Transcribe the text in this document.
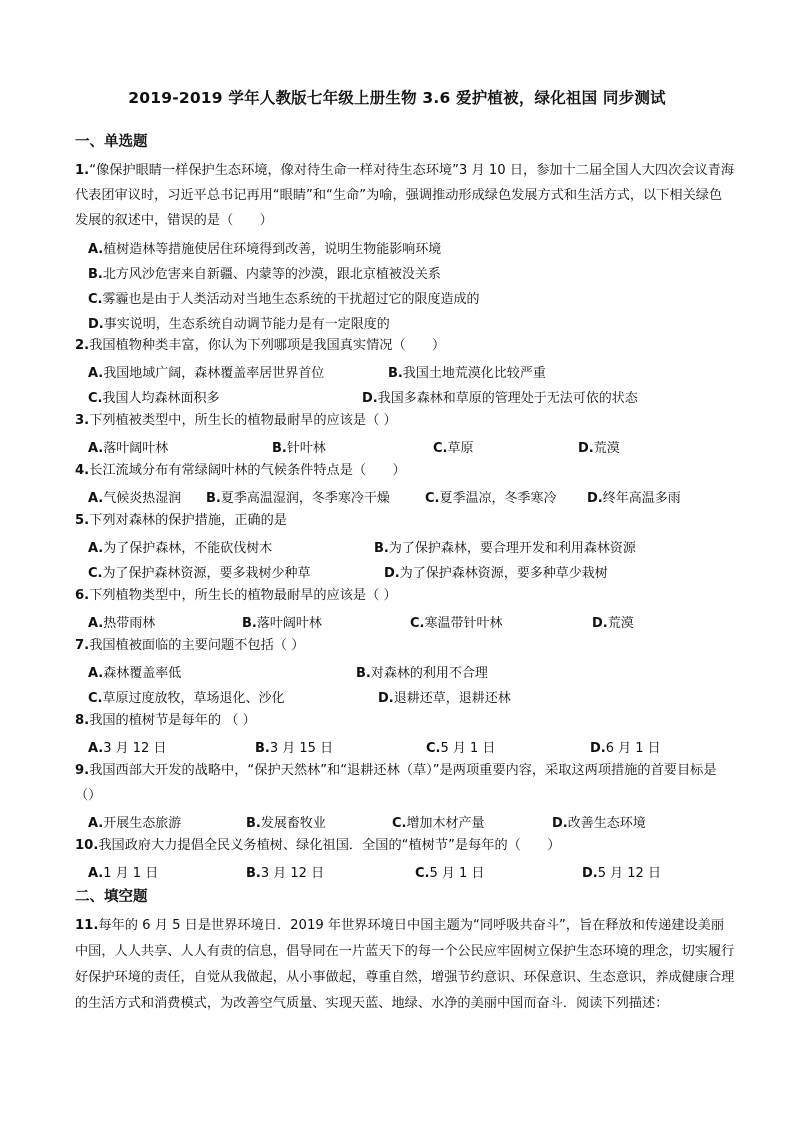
2019-2019 学年人教版七年级上册生物 3.6 爱护植被，绿化祖国 同步测试
一、单选题
1.“像保护眼睛一样保护生态环境，像对待生命一样对待生态环境”3 月 10 日，参加十二届全国人大四次会议青海代表团审议时，习近平总书记再用“眼睛”和“生命”为喻，强调推动形成绿色发展方式和生活方式，以下相关绿色发展的叙述中，错误的是（　　）
A.植树造林等措施使居住环境得到改善，说明生物能影响环境
B.北方风沙危害来自新疆、内蒙等的沙漠，跟北京植被没关系
C.雾霾也是由于人类活动对当地生态系统的干扰超过它的限度造成的
D.事实说明，生态系统自动调节能力是有一定限度的
2.我国植物种类丰富，你认为下列哪项是我国真实情况（　　）
A.我国地域广阔，森林覆盖率居世界首位	B.我国土地荒漠化比较严重
C.我国人均森林面积多	D.我国多森林和草原的管理处于无法可依的状态
3.下列植被类型中，所生长的植物最耐旱的应该是（ ）
A.落叶阔叶林	B.针叶林	C.草原	D.荒漠
4.长江流域分布有常绿阔叶林的气候条件特点是（　　）
A.气候炎热湿润 B.夏季高温湿润，冬季寒冷干燥	C.夏季温凉，冬季寒冷 D.终年高温多雨
5.下列对森林的保护措施，正确的是
A.为了保护森林，不能砍伐树木	B.为了保护森林，要合理开发和利用森林资源
C.为了保护森林资源，要多栽树少种草	D.为了保护森林资源，要多种草少栽树
6.下列植物类型中，所生长的植物最耐旱的应该是（ ）
A.热带雨林	B.落叶阔叶林	C.寒温带针叶林	D.荒漠
7.我国植被面临的主要问题不包括（ ）
A.森林覆盖率低	B.对森林的利用不合理
C.草原过度放牧，草场退化、沙化	D.退耕还草，退耕还林
8.我国的植树节是每年的 （ ）
A.3 月 12 日	B.3 月 15 日	C.5 月 1 日	D.6 月 1 日
9.我国西部大开发的战略中，“保护天然林”和“退耕还林（草）”是两项重要内容，采取这两项措施的首要目标是（）
A.开展生态旅游	B.发展畜牧业	C.增加木材产量	D.改善生态环境
10.我国政府大力提倡全民义务植树、绿化祖国．全国的“植树节”是每年的（　　）
A.1 月 1 日	B.3 月 12 日	C.5 月 1 日	D.5 月 12 日
二、填空题
11.每年的 6 月 5 日是世界环境日．2019 年世界环境日中国主题为“同呼吸共奋斗”，旨在释放和传递建设美丽中国，人人共享、人人有责的信息，倡导同在一片蓝天下的每一个公民应牢固树立保护生态环境的理念，切实履行好保护环境的责任，自觉从我做起，从小事做起，尊重自然，增强节约意识、环保意识、生态意识，养成健康合理的生活方式和消费模式，为改善空气质量、实现天蓝、地绿、水净的美丽中国而奋斗．阅读下列描述：
